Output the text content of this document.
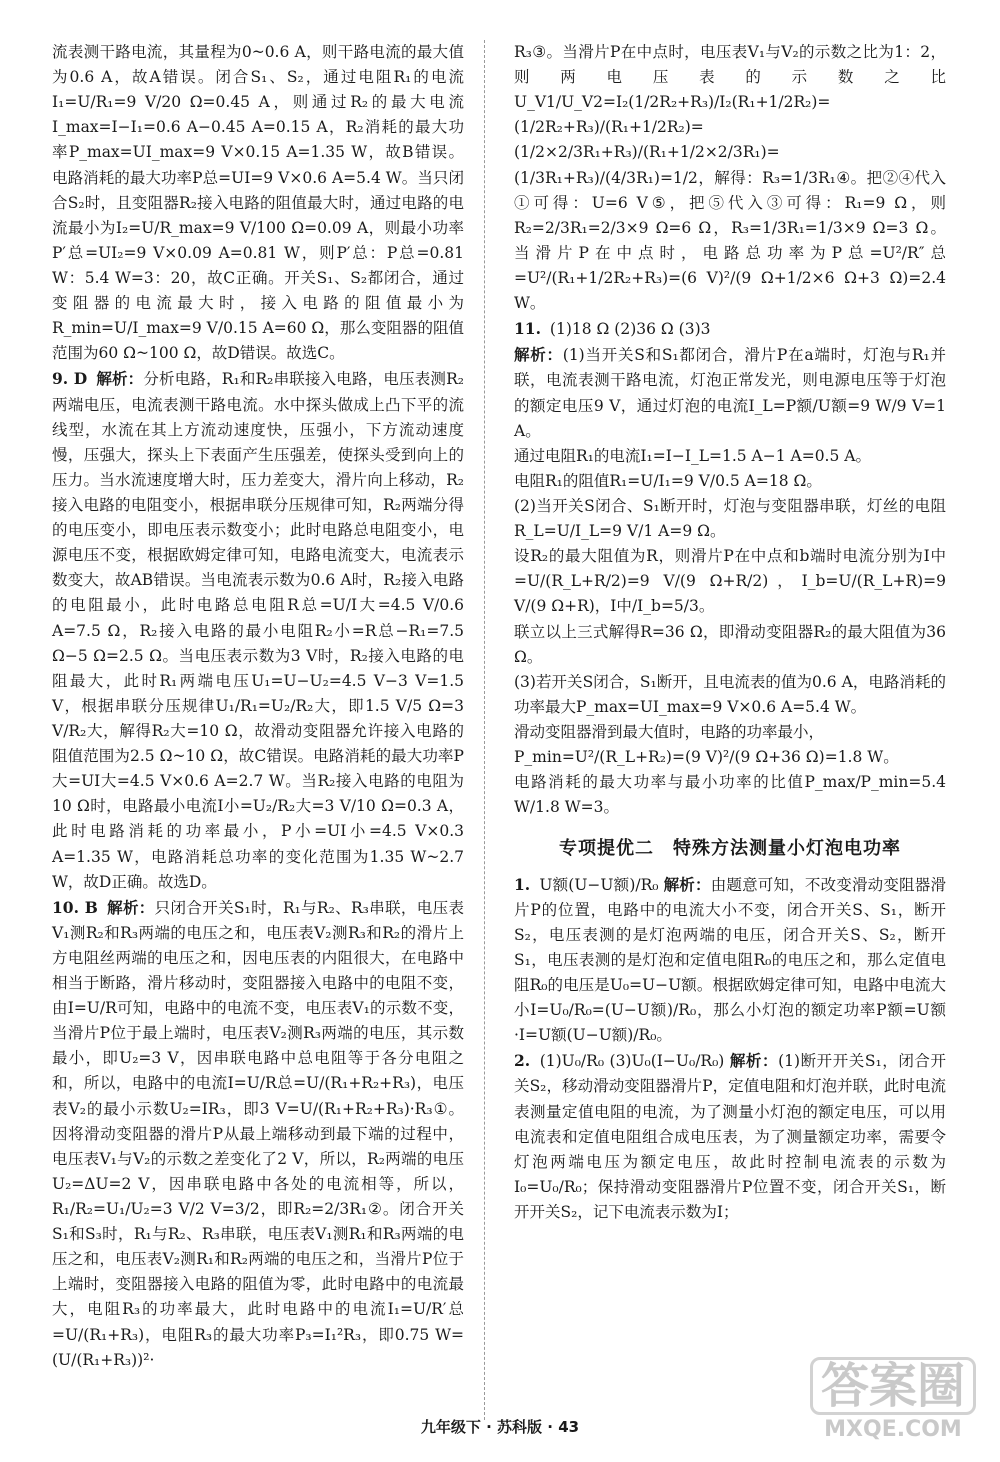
流表测干路电流，其量程为0~0.6 A，则干路电流的最大值为0.6 A，故A错误。闭合S₁、S₂，通过电阻R₁的电流I₁=U/R₁=9 V/20 Ω=0.45 A，则通过R₂的最大电流I_max=I−I₁=0.6 A−0.45 A=0.15 A，R₂消耗的最大功率P_max=UI_max=9 V×0.15 A=1.35 W，故B错误。电路消耗的最大功率P总=UI=9 V×0.6 A=5.4 W。当只闭合S₂时，且变阻器R₂接入电路的阻值最大时，通过电路的电流最小为I₂=U/R_max=9 V/100 Ω=0.09 A，则最小功率P′总=UI₂=9 V×0.09 A=0.81 W，则P′总：P总=0.81 W：5.4 W=3：20，故C正确。开关S₁、S₂都闭合，通过变阻器的电流最大时，接入电路的阻值最小为R_min=U/I_max=9 V/0.15 A=60 Ω，那么变阻器的阻值范围为60 Ω~100 Ω，故D错误。故选C。

9. D 解析：分析电路，R₁和R₂串联接入电路，电压表测R₂两端电压，电流表测干路电流。水中探头做成上凸下平的流线型，水流在其上方流动速度快，压强小，下方流动速度慢，压强大，探头上下表面产生压强差，使探头受到向上的压力。当水流速度增大时，压力差变大，滑片向上移动，R₂接入电路的电阻变小，根据串联分压规律可知，R₂两端分得的电压变小，即电压表示数变小；此时电路总电阻变小，电源电压不变，根据欧姆定律可知，电路电流变大，电流表示数变大，故AB错误。当电流表示数为0.6 A时，R₂接入电路的电阻最小，此时电路总电阻R总=U/I大=4.5 V/0.6 A=7.5 Ω，R₂接入电路的最小电阻R₂小=R总−R₁=7.5 Ω−5 Ω=2.5 Ω。当电压表示数为3 V时，R₂接入电路的电阻最大，此时R₁两端电压U₁=U−U₂=4.5 V−3 V=1.5 V，根据串联分压规律U₁/R₁=U₂/R₂大，即1.5 V/5 Ω=3 V/R₂大，解得R₂大=10 Ω，故滑动变阻器允许接入电路的阻值范围为2.5 Ω~10 Ω，故C错误。电路消耗的最大功率P大=UI大=4.5 V×0.6 A=2.7 W。当R₂接入电路的电阻为10 Ω时，电路最小电流I小=U₂/R₂大=3 V/10 Ω=0.3 A，此时电路消耗的功率最小，P小=UI小=4.5 V×0.3 A=1.35 W，电路消耗总功率的变化范围为1.35 W~2.7 W，故D正确。故选D。
10. B 解析：只闭合开关S₁时，R₁与R₂、R₃串联，电压表V₁测R₂和R₃两端的电压之和，电压表V₂测R₃和R₂的滑片上方电阻丝两端的电压之和，因电压表的内阻很大，在电路中相当于断路，滑片移动时，变阻器接入电路中的电阻不变，由I=U/R可知，电路中的电流不变，电压表V₁的示数不变，当滑片P位于最上端时，电压表V₂测R₃两端的电压，其示数最小，即U₂=3 V，因串联电路中总电阻等于各分电阻之和，所以，电路中的电流I=U/R总=U/(R₁+R₂+R₃)，电压表V₂的最小示数U₂=IR₃，即3 V=U/(R₁+R₂+R₃)·R₃①。因将滑动变阻器的滑片P从最上端移动到最下端的过程中，电压表V₁与V₂的示数之差变化了2 V，所以，R₂两端的电压U₂=ΔU=2 V，因串联电路中各处的电流相等，所以，R₁/R₂=U₁/U₂=3 V/2 V=3/2，即R₂=2/3R₁②。闭合开关S₁和S₃时，R₁与R₂、R₃串联，电压表V₁测R₁和R₃两端的电压之和，电压表V₂测R₁和R₂两端的电压之和，当滑片P位于上端时，变阻器接入电路的阻值为零，此时电路中的电流最大，电阻R₃的功率最大，此时电路中的电流I₁=U/R′总=U/(R₁+R₃)，电阻R₃的最大功率P₃=I₁²R₃，即0.75 W=(U/(R₁+R₃))²·

R₃③。当滑片P在中点时，电压表V₁与V₂的示数之比为1：2，则两电压表的示数之比U_V1/U_V2=I₂(1/2R₂+R₃)/I₂(R₁+1/2R₂)=(1/2R₂+R₃)/(R₁+1/2R₂)=(1/2×2/3R₁+R₃)/(R₁+1/2×2/3R₁)=(1/3R₁+R₃)/(4/3R₁)=1/2，解得：R₃=1/3R₁④。把②④代入①可得：U=6 V⑤，把⑤代入③可得：R₁=9 Ω，则R₂=2/3R₁=2/3×9 Ω=6 Ω，R₃=1/3R₁=1/3×9 Ω=3 Ω。当滑片P在中点时，电路总功率为P总=U²/R″总=U²/(R₁+1/2R₂+R₃)=(6 V)²/(9 Ω+1/2×6 Ω+3 Ω)=2.4 W。

11. (1)18 Ω (2)36 Ω (3)3
解析：(1)当开关S和S₁都闭合，滑片P在a端时，灯泡与R₁并联，电流表测干路电流，灯泡正常发光，则电源电压等于灯泡的额定电压9 V，通过灯泡的电流I_L=P额/U额=9 W/9 V=1 A。
通过电阻R₁的电流I₁=I−I_L=1.5 A−1 A=0.5 A。
电阻R₁的阻值R₁=U/I₁=9 V/0.5 A=18 Ω。
(2)当开关S闭合、S₁断开时，灯泡与变阻器串联，灯丝的电阻R_L=U/I_L=9 V/1 A=9 Ω。
设R₂的最大阻值为R，则滑片P在中点和b端时电流分别为I中=U/(R_L+R/2)=9 V/(9 Ω+R/2)，I_b=U/(R_L+R)=9 V/(9 Ω+R)，I中/I_b=5/3。
联立以上三式解得R=36 Ω，即滑动变阻器R₂的最大阻值为36 Ω。
(3)若开关S闭合，S₁断开，且电流表的值为0.6 A，电路消耗的功率最大P_max=UI_max=9 V×0.6 A=5.4 W。
滑动变阻器滑到最大值时，电路的功率最小，
P_min=U²/(R_L+R₂)=(9 V)²/(9 Ω+36 Ω)=1.8 W。
电路消耗的最大功率与最小功率的比值P_max/P_min=5.4 W/1.8 W=3。
专项提优二　特殊方法测量小灯泡电功率
1. U额(U−U额)/R₀ 解析：由题意可知，不改变滑动变阻器滑片P的位置，电路中的电流大小不变，闭合开关S、S₁，断开S₂，电压表测的是灯泡两端的电压，闭合开关S、S₂，断开S₁，电压表测的是灯泡和定值电阻R₀的电压之和，那么定值电阻R₀的电压是U₀=U−U额。根据欧姆定律可知，电路中电流大小I=U₀/R₀=(U−U额)/R₀，那么小灯泡的额定功率P额=U额·I=U额(U−U额)/R₀。
2. (1)U₀/R₀ (3)U₀(I−U₀/R₀) 解析：(1)断开开关S₁，闭合开关S₂，移动滑动变阻器滑片P，定值电阻和灯泡并联，此时电流表测量定值电阻的电流，为了测量小灯泡的额定电压，可以用电流表和定值电阻组合成电压表，为了测量额定功率，需要令灯泡两端电压为额定电压，故此时控制电流表的示数为I₀=U₀/R₀；保持滑动变阻器滑片P位置不变，闭合开关S₁，断开开关S₂，记下电流表示数为I；
九年级下 · 苏科版 · 43
答案圈
MXQE.COM
